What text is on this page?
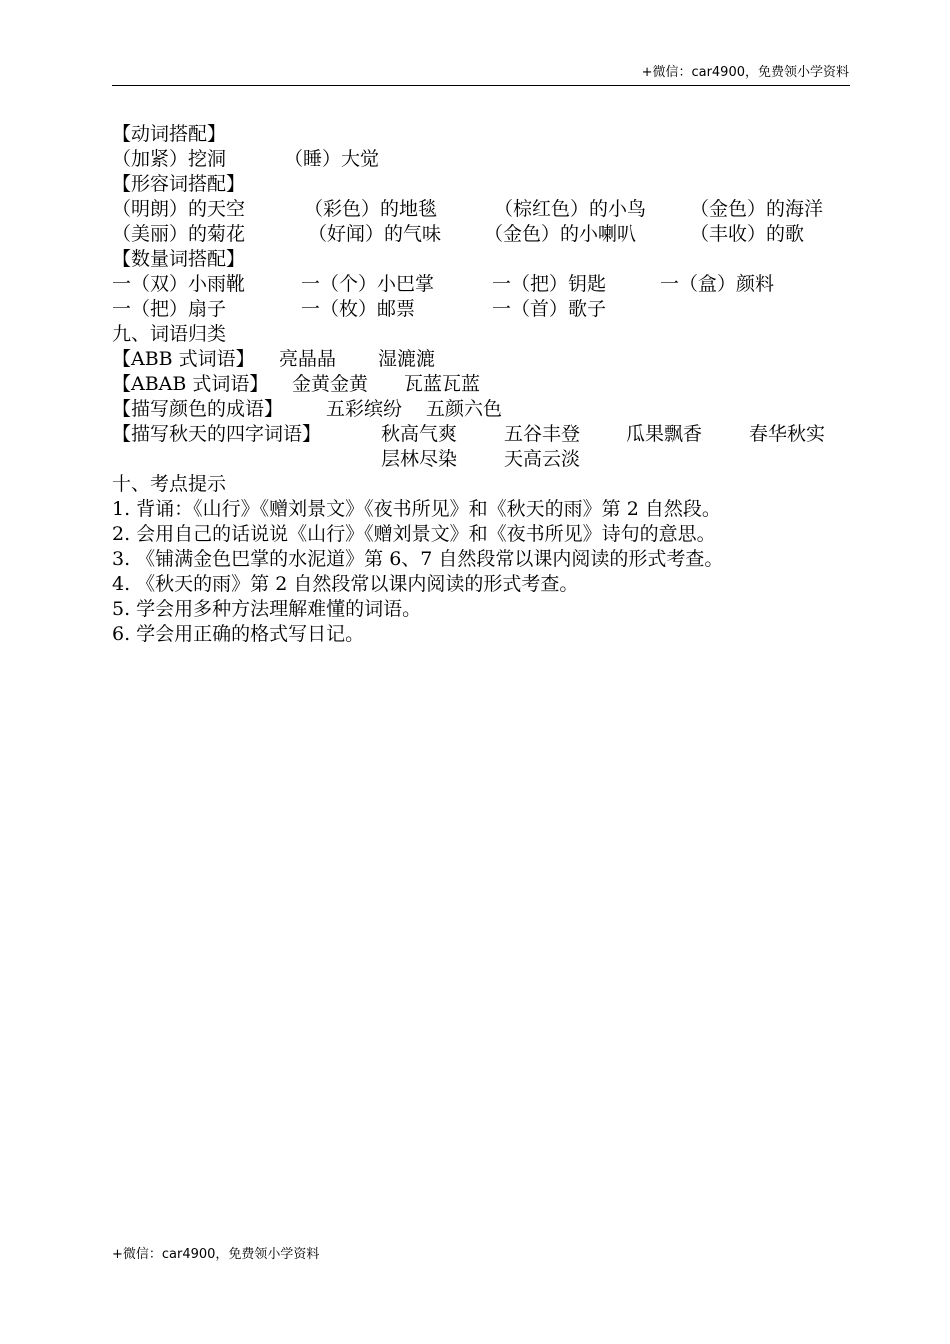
+微信：car4900，免费领小学资料
【动词搭配】
（加紧）挖洞	（睡）大觉
【形容词搭配】
（明朗）的天空	（彩色）的地毯	（棕红色）的小鸟 （金色）的海洋
（美丽）的菊花	（好闻）的气味 （金色）的小喇叭	（丰收）的歌
【数量词搭配】
一（双）小雨靴	一（个）小巴掌	一（把）钥匙	一（盒）颜料
一（把）扇子	一（枚）邮票	一（首）歌子
九、词语归类
【ABB 式词语】 亮晶晶 湿漉漉
【ABAB 式词语】 金黄金黄 瓦蓝瓦蓝
【描写颜色的成语】 五彩缤纷 五颜六色
【描写秋天的四字词语】	秋高气爽 五谷丰登 瓜果飘香 春华秋实
层林尽染 天高云淡
十、考点提示
1. 背诵：《山行》《赠刘景文》《夜书所见》和《秋天的雨》第 2 自然段。
2. 会用自己的话说说《山行》《赠刘景文》和《夜书所见》诗句的意思。
3. 《铺满金色巴掌的水泥道》第 6、7 自然段常以课内阅读的形式考查。
4. 《秋天的雨》第 2 自然段常以课内阅读的形式考查。
5. 学会用多种方法理解难懂的词语。
6. 学会用正确的格式写日记。
+微信：car4900，免费领小学资料
